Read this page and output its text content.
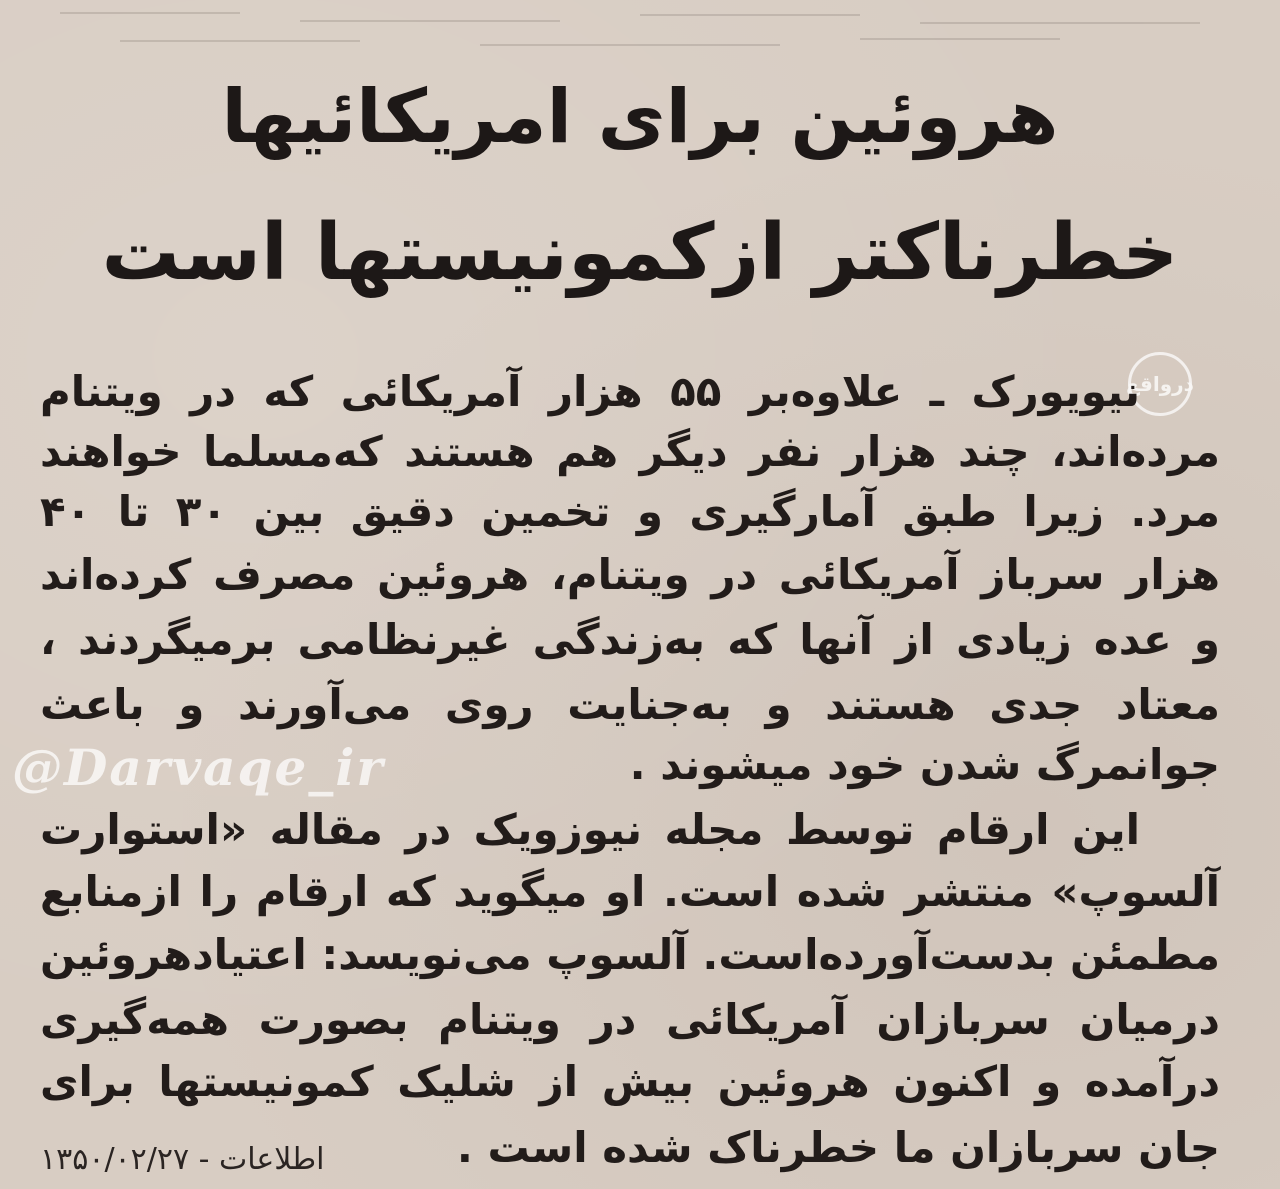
هروئین برای امریکائیها
خطرناکتر ازکمونیستها است
درواقع
نیویورک ـ علاوه‌بر ۵۵ هزار آمریکائی که در ویتنام
مرده‌اند، چند هزار نفر دیگر هم هستند که‌مسلما خواهند
مرد. زیرا طبق آمارگیری و تخمین دقیق بین ۳۰ تا ۴۰
هزار سرباز آمریکائی در ویتنام، هروئین مصرف کرده‌اند
و عده زیادی از آنها که به‌زندگی غیرنظامی برمیگردند ،
معتاد جدی هستند و به‌جنایت روی می‌آورند و باعث
جوانمرگ شدن خود میشوند .
این ارقام توسط مجله نیوزویک در مقاله «استوارت
آلسوپ» منتشر شده است. او میگوید که ارقام را ازمنابع
مطمئن بدست‌آورده‌است. آلسوپ می‌نویسد: اعتیادهروئین
درمیان سربازان آمریکائی در ویتنام بصورت همه‌گیری
درآمده و اکنون هروئین بیش از شلیک کمونیستها برای
جان سربازان ما خطرناک شده است .
@Darvaqe_ir
اطلاعات - ۱۳۵۰/۰۲/۲۷
